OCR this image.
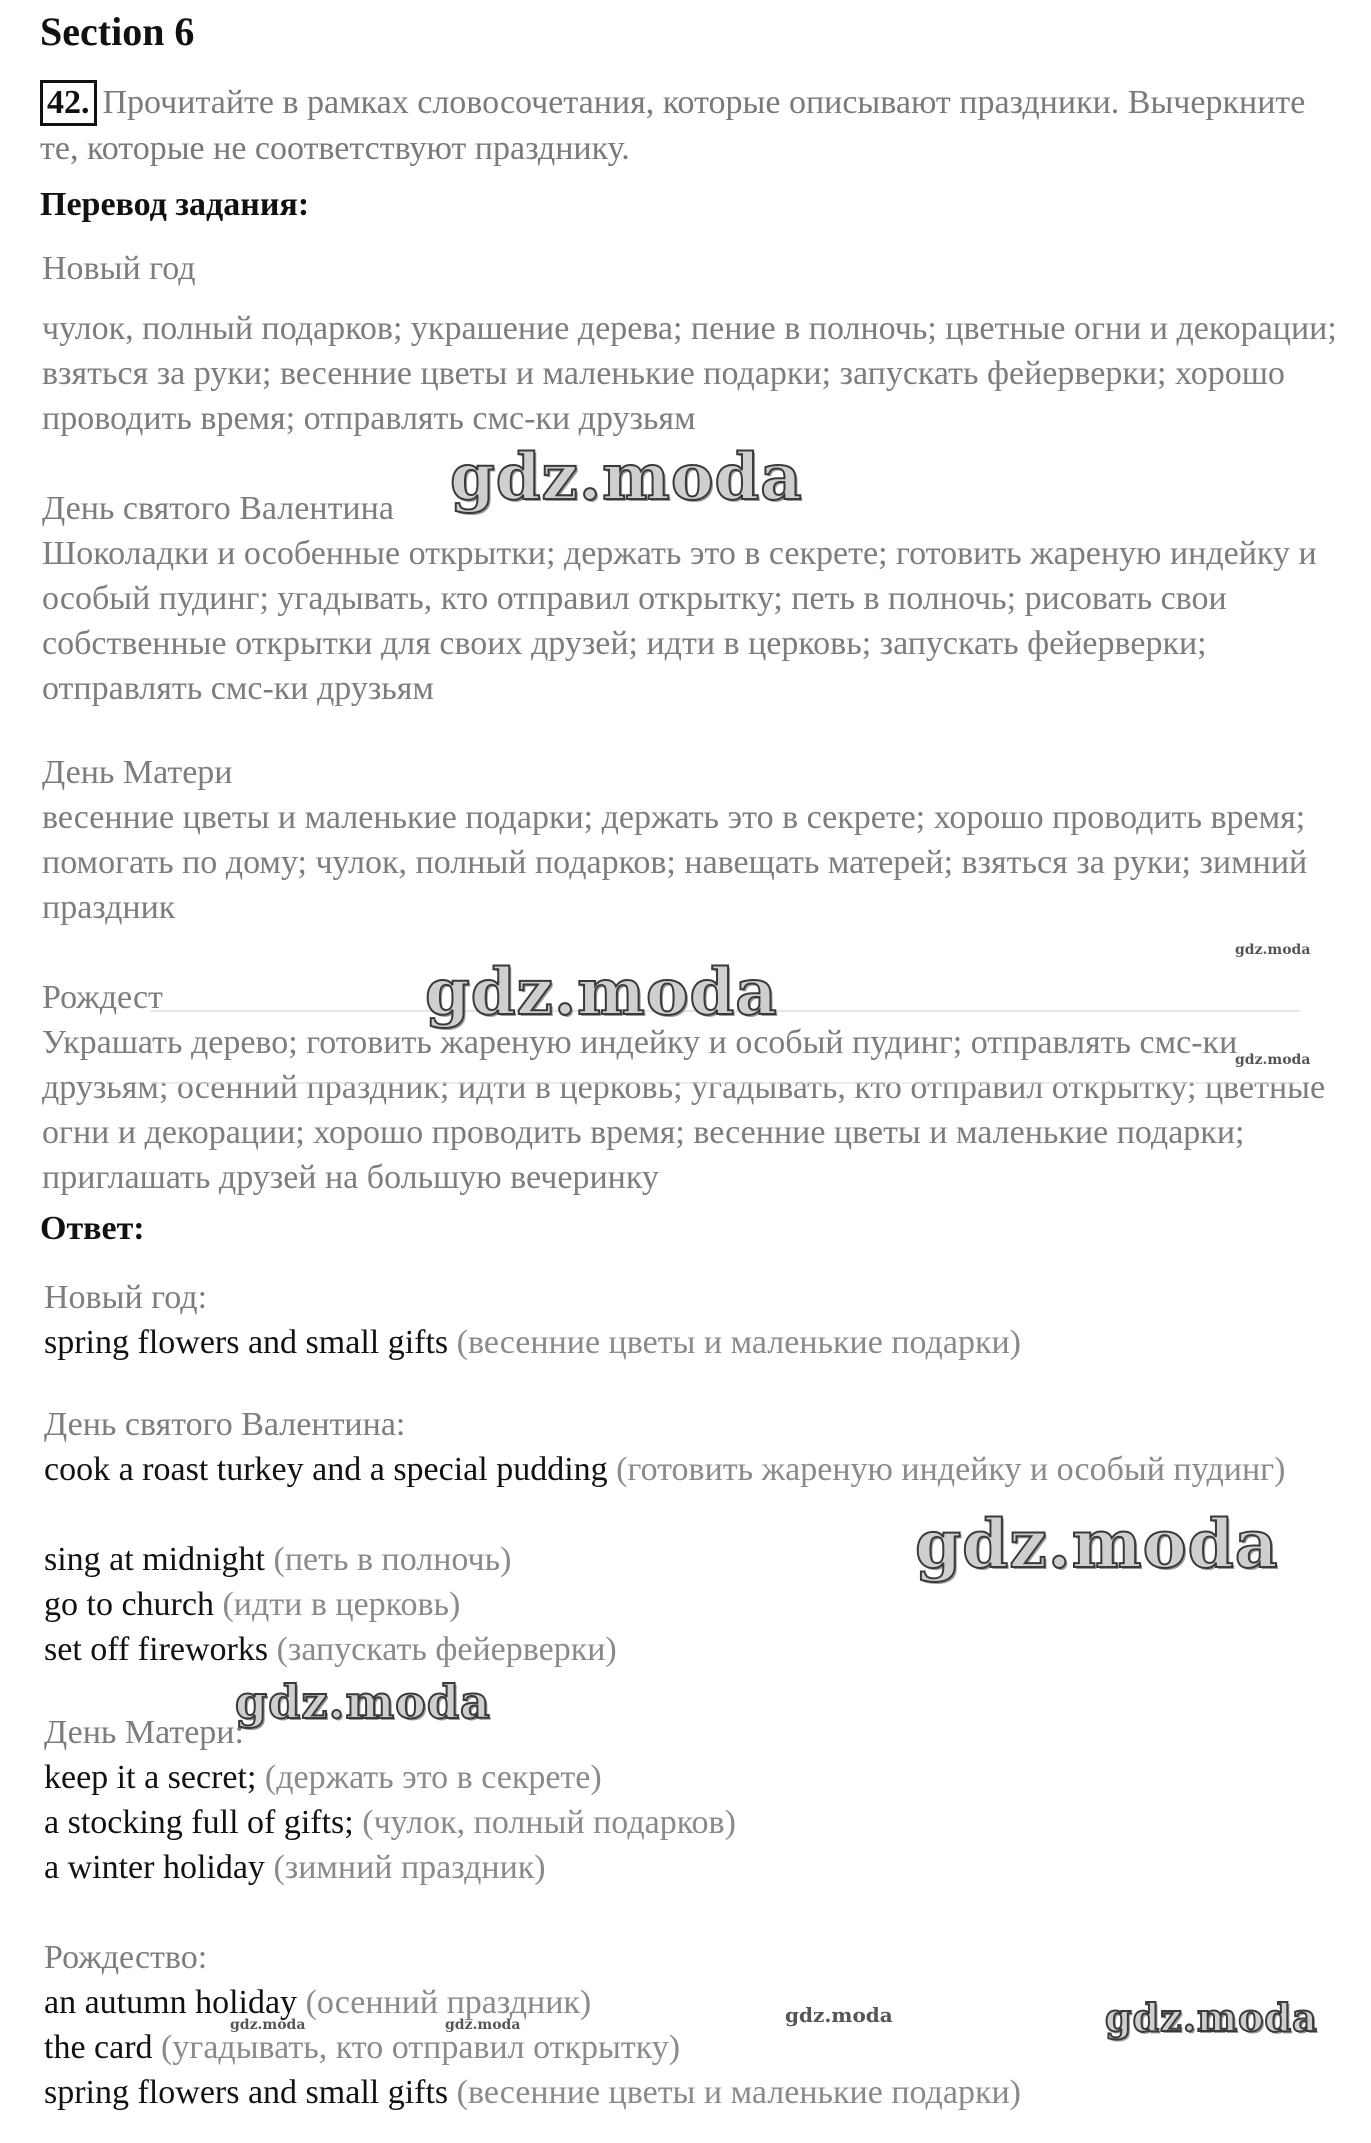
Section 6
42. Прочитайте в рамках словосочетания, которые описывают праздники. Вычеркните те, которые не соответствуют празднику.
Перевод задания:
Новый год
чулок, полный подарков; украшение дерева; пение в полночь; цветные огни и декорации; взяться за руки; весенние цветы и маленькие подарки; запускать фейерверки; хорошо проводить время; отправлять смс-ки друзьям
День святого Валентина
Шоколадки и особенные открытки; держать это в секрете; готовить жареную индейку и особый пудинг; угадывать, кто отправил открытку; петь в полночь; рисовать свои собственные открытки для своих друзей; идти в церковь; запускать фейерверки; отправлять смс-ки друзьям
День Матери
весенние цветы и маленькие подарки; держать это в секрете; хорошо проводить время; помогать по дому; чулок, полный подарков; навещать матерей; взяться за руки; зимний праздник
Рождест
Украшать дерево; готовить жареную индейку и особый пудинг; отправлять смс-ки друзьям; осенний праздник; идти в церковь; угадывать, кто отправил открытку; цветные огни и декорации; хорошо проводить время; весенние цветы и маленькие подарки; приглашать друзей на большую вечеринку
Ответ:
Новый год:
spring flowers and small gifts (весенние цветы и маленькие подарки)
День святого Валентина:
cook a roast turkey and a special pudding (готовить жареную индейку и особый пудинг)
sing at midnight (петь в полночь)
go to church (идти в церковь)
set off fireworks (запускать фейерверки)
День Матери:
keep it a secret; (держать это в секрете)
a stocking full of gifts; (чулок, полный подарков)
a winter holiday (зимний праздник)
Рождество:
an autumn holiday (осенний праздник)
the card (угадывать, кто отправил открытку)
spring flowers and small gifts (весенние цветы и маленькие подарки)
gdz.moda
gdz.moda
gdz.moda
gdz.moda
gdz.moda
gdz.moda
gdz.moda
gdz.moda	gdz.moda	gdz.moda
